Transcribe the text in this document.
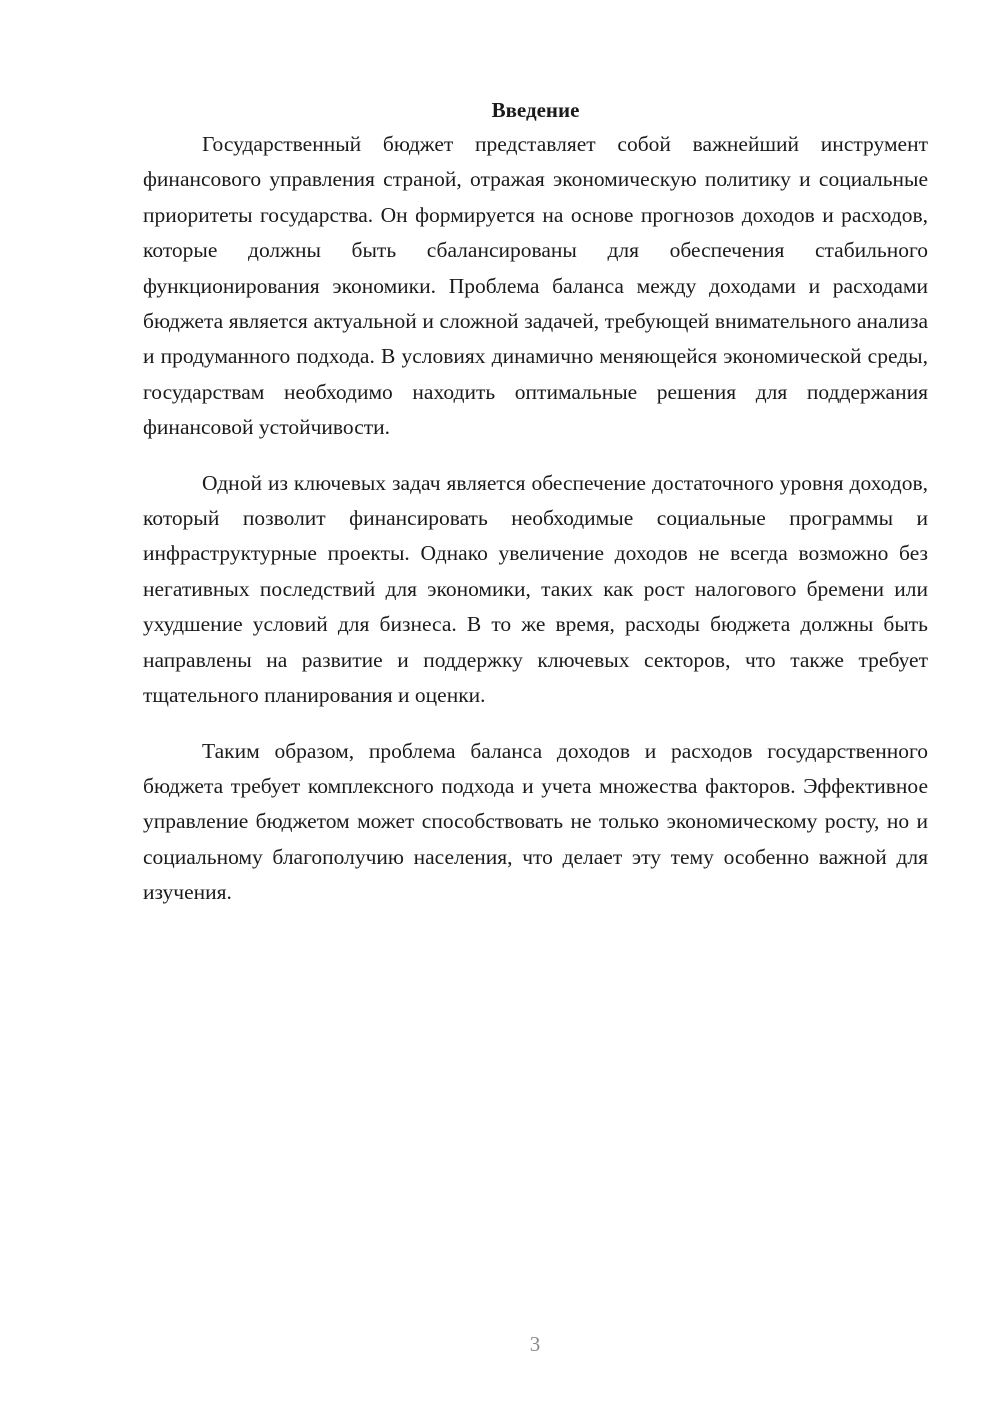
Введение

Государственный бюджет представляет собой важнейший инструмент финансового управления страной, отражая экономическую политику и социальные приоритеты государства. Он формируется на основе прогнозов доходов и расходов, которые должны быть сбалансированы для обеспечения стабильного функционирования экономики. Проблема баланса между доходами и расходами бюджета является актуальной и сложной задачей, требующей внимательного анализа и продуманного подхода. В условиях динамично меняющейся экономической среды, государствам необходимо находить оптимальные решения для поддержания финансовой устойчивости.

Одной из ключевых задач является обеспечение достаточного уровня доходов, который позволит финансировать необходимые социальные программы и инфраструктурные проекты. Однако увеличение доходов не всегда возможно без негативных последствий для экономики, таких как рост налогового бремени или ухудшение условий для бизнеса. В то же время, расходы бюджета должны быть направлены на развитие и поддержку ключевых секторов, что также требует тщательного планирования и оценки.

Таким образом, проблема баланса доходов и расходов государственного бюджета требует комплексного подхода и учета множества факторов. Эффективное управление бюджетом может способствовать не только экономическому росту, но и социальному благополучию населения, что делает эту тему особенно важной для изучения.

3
